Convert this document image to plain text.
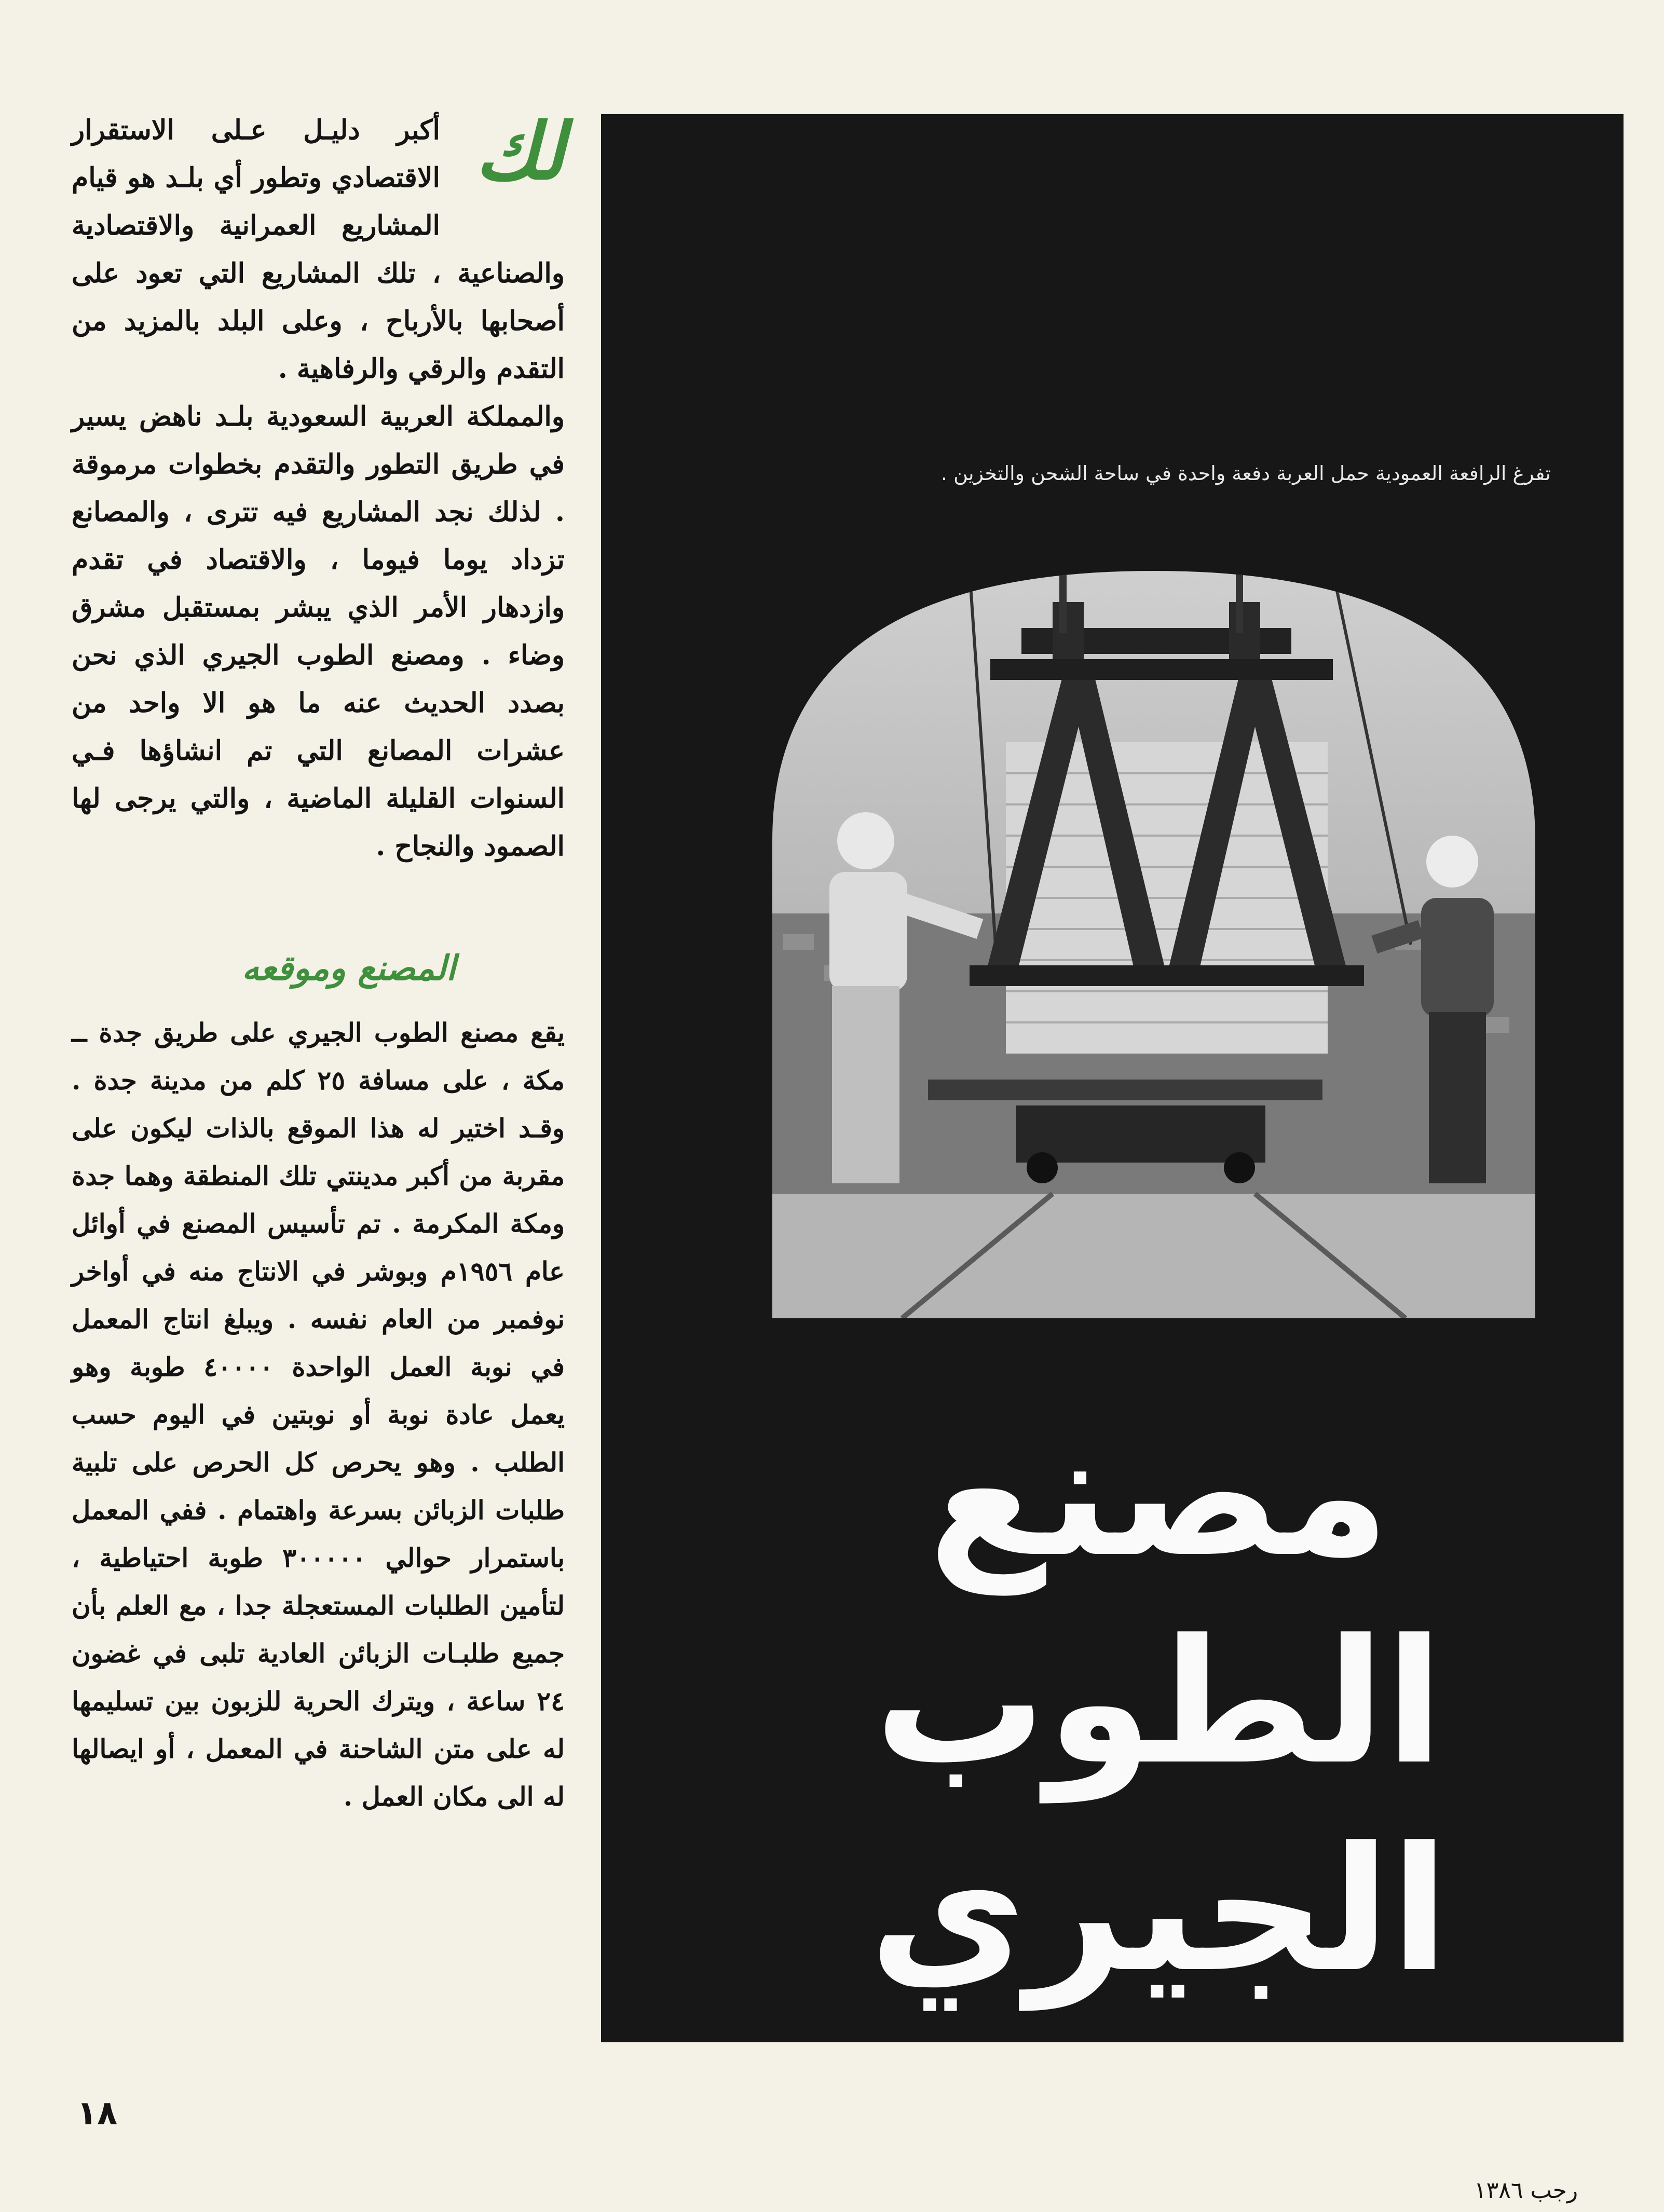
لك

أكبر دليـل عـلى الاستقرار الاقتصادي وتطور أي بلـد هو قيام المشاريع العمرانية والاقتصادية والصناعية ، تلك المشاريع التي تعود على أصحابها بالأرباح ، وعلى البلد بالمزيد من التقدم والرقي والرفاهية .

والمملكة العربية السعودية بلـد ناهض يسير في طريق التطور والتقدم بخطوات مرموقة . لذلك نجد المشاريع فيه تترى ، والمصانع تزداد يوما فيوما ، والاقتصاد في تقدم وازدهار الأمر الذي يبشر بمستقبل مشرق وضاء . ومصنع الطوب الجيري الذي نحن بصدد الحديث عنه ما هو الا واحد من عشرات المصانع التي تم انشاؤها فـي السنوات القليلة الماضية ، والتي يرجى لها الصمود والنجاح .

المصنع وموقعه

يقع مصنع الطوب الجيري على طريق جدة ــ مكة ، على مسافة ٢٥ كلم من مدينة جدة . وقـد اختير له هذا الموقع بالذات ليكون على مقربة من أكبر مدينتي تلك المنطقة وهما جدة ومكة المكرمة . تم تأسيس المصنع في أوائل عام ١٩٥٦م وبوشر في الانتاج منه في أواخر نوفمبر من العام نفسه . ويبلغ انتاج المعمل في نوبة العمل الواحدة ٤٠٠٠٠ طوبة وهو يعمل عادة نوبة أو نوبتين في اليوم حسب الطلب . وهو يحرص كل الحرص على تلبية طلبات الزبائن بسرعة واهتمام . ففي المعمل باستمرار حوالي ٣٠٠٠٠٠ طوبة احتياطية ، لتأمين الطلبات المستعجلة جدا ، مع العلم بأن جميع طلبـات الزبائن العادية تلبى في غضون ٢٤ ساعة ، ويترك الحرية للزبون بين تسليمها له على متن الشاحنة في المعمل ، أو ايصالها له الى مكان العمل .

تفرغ الرافعة العمودية حمل العربة دفعة واحدة في ساحة الشحن والتخزين .
مصنع الطوب
الجيري
١٨
رجب ١٣٨٦
